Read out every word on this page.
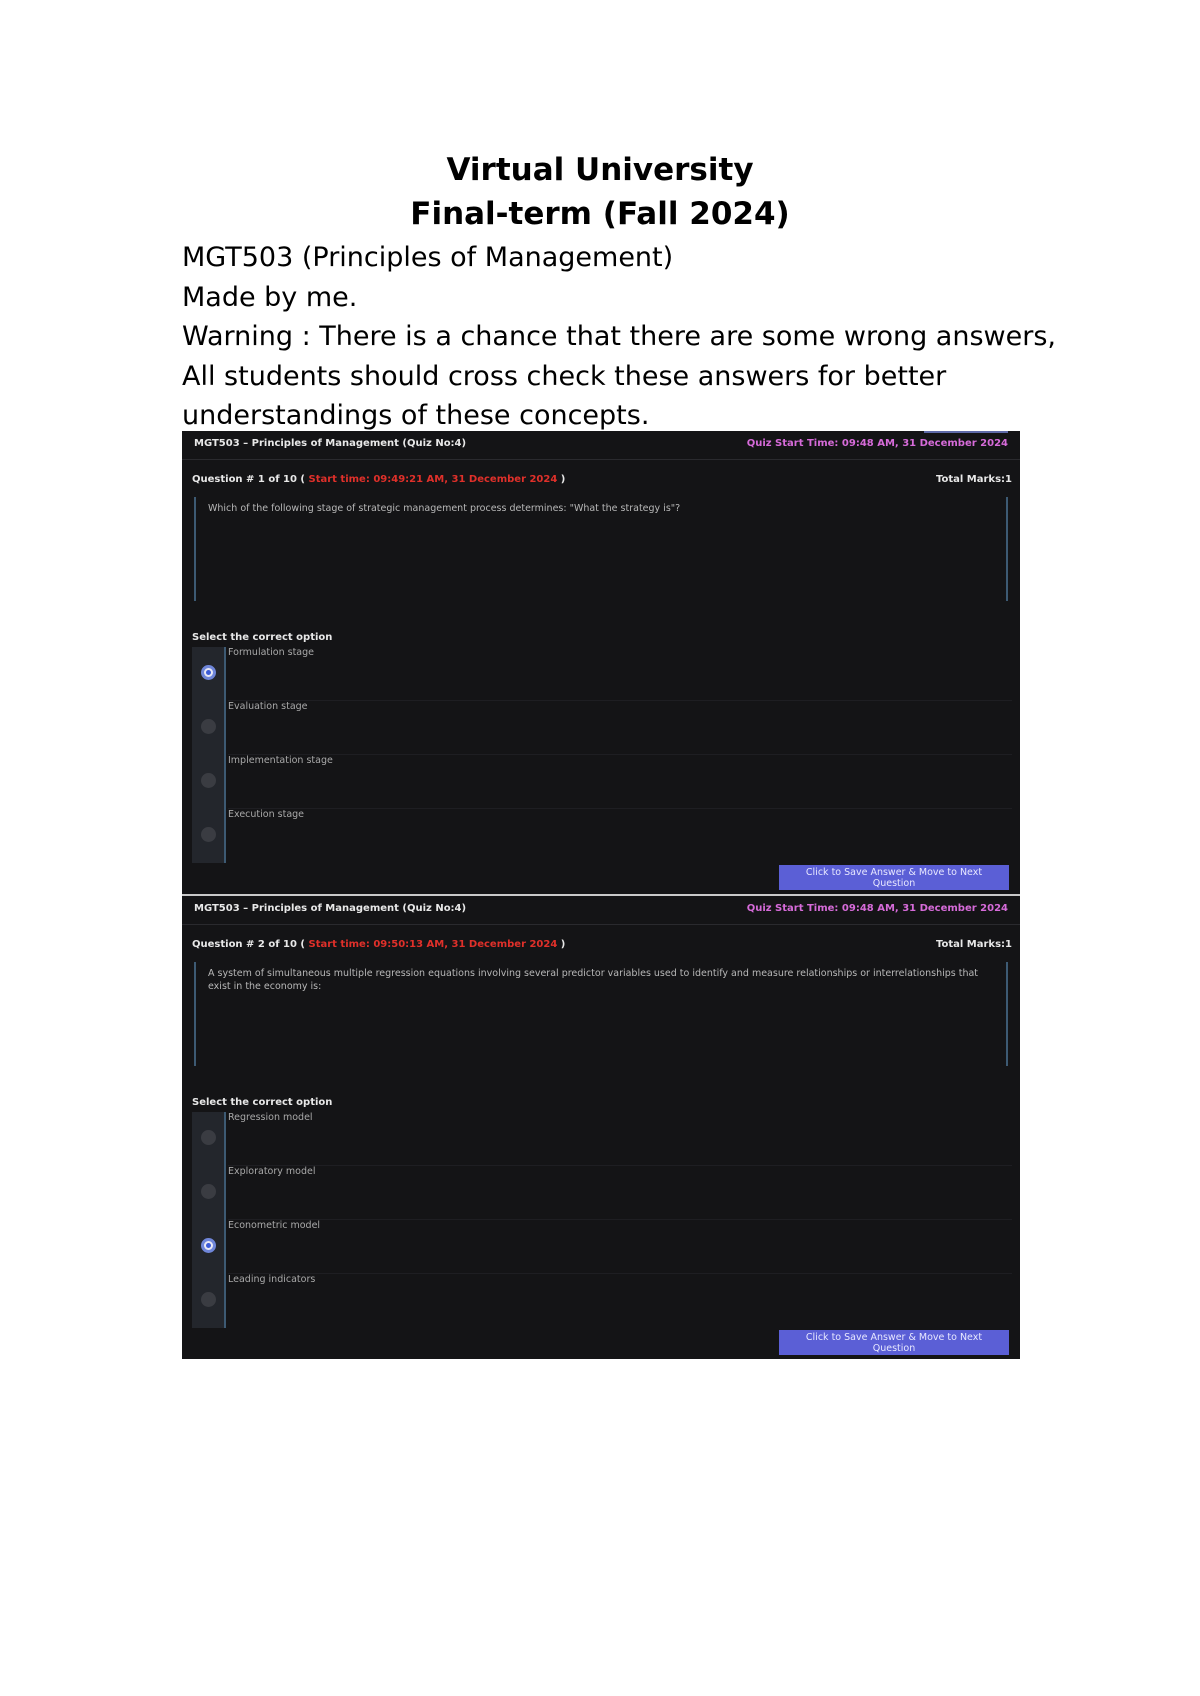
Virtual University
Final-term (Fall 2024)
MGT503 (Principles of Management)
Made by me.
Warning : There is a chance that there are some wrong answers,
All students should cross check these answers for better
understandings of these concepts.
MGT503 – Principles of Management (Quiz No:4)	Quiz Start Time: 09:48 AM, 31 December 2024
Question # 1 of 10 ( Start time: 09:49:21 AM, 31 December 2024 )	Total Marks:1
Which of the following stage of strategic management process determines: "What the strategy is"?
Select the correct option
Formulation stage
Evaluation stage
Implementation stage
Execution stage
Click to Save Answer & Move to Next Question
MGT503 – Principles of Management (Quiz No:4)	Quiz Start Time: 09:48 AM, 31 December 2024
Question # 2 of 10 ( Start time: 09:50:13 AM, 31 December 2024 )	Total Marks:1
A system of simultaneous multiple regression equations involving several predictor variables used to identify and measure relationships or interrelationships that exist in the economy is:
Select the correct option
Regression model
Exploratory model
Econometric model
Leading indicators
Click to Save Answer & Move to Next Question
